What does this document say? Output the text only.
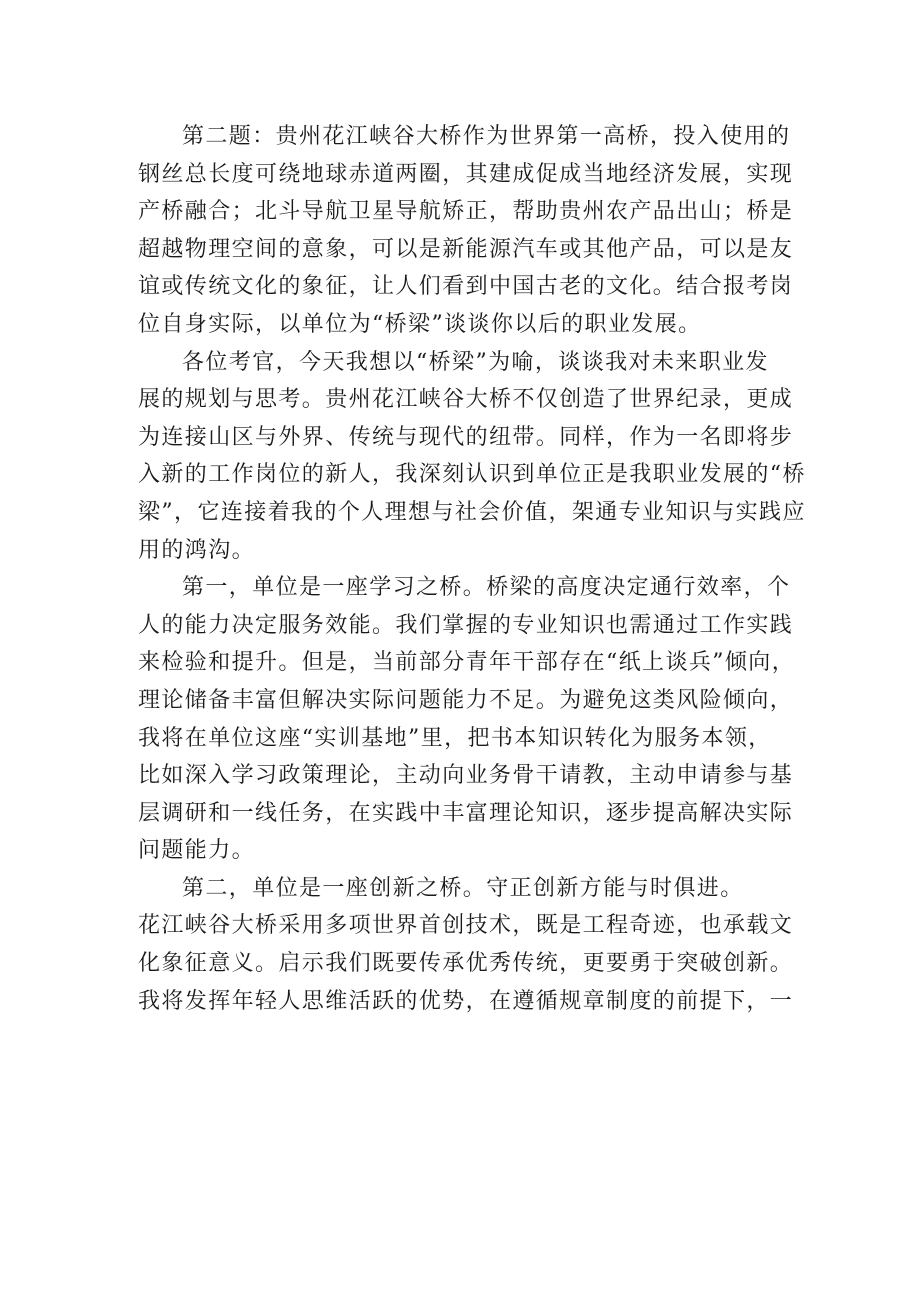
第二题：贵州花江峡谷大桥作为世界第一高桥，投入使用的
钢丝总长度可绕地球赤道两圈，其建成促成当地经济发展，实现
产桥融合；北斗导航卫星导航矫正，帮助贵州农产品出山；桥是
超越物理空间的意象，可以是新能源汽车或其他产品，可以是友
谊或传统文化的象征，让人们看到中国古老的文化。结合报考岗
位自身实际，以单位为“桥梁”谈谈你以后的职业发展。

各位考官，今天我想以“桥梁”为喻，谈谈我对未来职业发
展的规划与思考。贵州花江峡谷大桥不仅创造了世界纪录，更成
为连接山区与外界、传统与现代的纽带。同样，作为一名即将步
入新的工作岗位的新人，我深刻认识到单位正是我职业发展的“桥
梁”，它连接着我的个人理想与社会价值，架通专业知识与实践应
用的鸿沟。

第一，单位是一座学习之桥。桥梁的高度决定通行效率，个
人的能力决定服务效能。我们掌握的专业知识也需通过工作实践
来检验和提升。但是，当前部分青年干部存在“纸上谈兵”倾向，
理论储备丰富但解决实际问题能力不足。为避免这类风险倾向，
我将在单位这座“实训基地”里，把书本知识转化为服务本领，
比如深入学习政策理论，主动向业务骨干请教，主动申请参与基
层调研和一线任务，在实践中丰富理论知识，逐步提高解决实际
问题能力。

第二，单位是一座创新之桥。守正创新方能与时俱进。

花江峡谷大桥采用多项世界首创技术，既是工程奇迹，也承载文
化象征意义。启示我们既要传承优秀传统，更要勇于突破创新。
我将发挥年轻人思维活跃的优势，在遵循规章制度的前提下，一
